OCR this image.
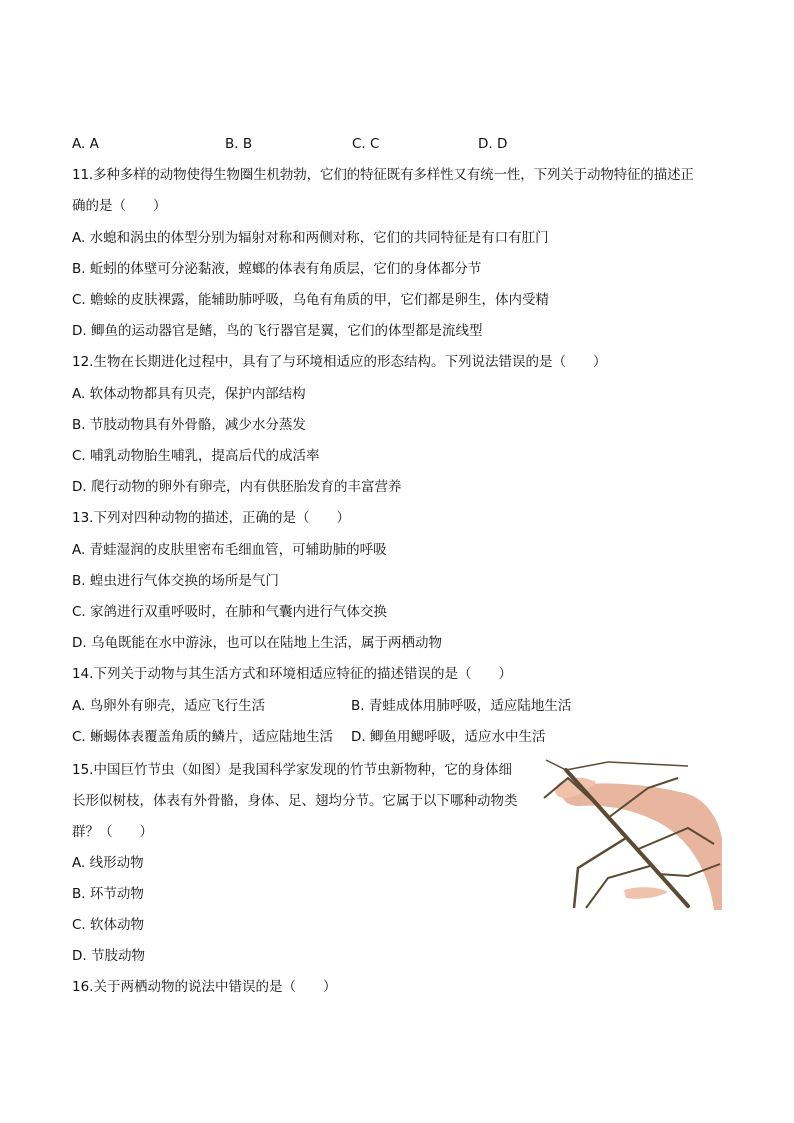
A. A	B. B	C. C	D. D
11.多种多样的动物使得生物圈生机勃勃，它们的特征既有多样性又有统一性，下列关于动物特征的描述正
确的是（　　）
A. 水螅和涡虫的体型分别为辐射对称和两侧对称，它们的共同特征是有口有肛门
B. 蚯蚓的体壁可分泌黏液，螳螂的体表有角质层，它们的身体都分节
C. 蟾蜍的皮肤裸露，能辅助肺呼吸，乌龟有角质的甲，它们都是卵生，体内受精
D. 鲫鱼的运动器官是鳍，鸟的飞行器官是翼，它们的体型都是流线型
12.生物在长期进化过程中，具有了与环境相适应的形态结构。下列说法错误的是（　　）
A. 软体动物都具有贝壳，保护内部结构
B. 节肢动物具有外骨骼，减少水分蒸发
C. 哺乳动物胎生哺乳，提高后代的成活率
D. 爬行动物的卵外有卵壳，内有供胚胎发育的丰富营养
13.下列对四种动物的描述，正确的是（　　）
A. 青蛙湿润的皮肤里密布毛细血管，可辅助肺的呼吸
B. 蝗虫进行气体交换的场所是气门
C. 家鸽进行双重呼吸时，在肺和气囊内进行气体交换
D. 乌龟既能在水中游泳，也可以在陆地上生活，属于两栖动物
14.下列关于动物与其生活方式和环境相适应特征的描述错误的是（　　）
A. 鸟卵外有卵壳，适应飞行生活	B. 青蛙成体用肺呼吸，适应陆地生活
C. 蜥蜴体表覆盖角质的鳞片，适应陆地生活 D. 鲫鱼用鳃呼吸，适应水中生活
15.中国巨竹节虫（如图）是我国科学家发现的竹节虫新物种，它的身体细
长形似树枝，体表有外骨骼，身体、足、翅均分节。它属于以下哪种动物类
群？（　　）
A. 线形动物
B. 环节动物
C. 软体动物
D. 节肢动物
16.关于两栖动物的说法中错误的是（　　）
